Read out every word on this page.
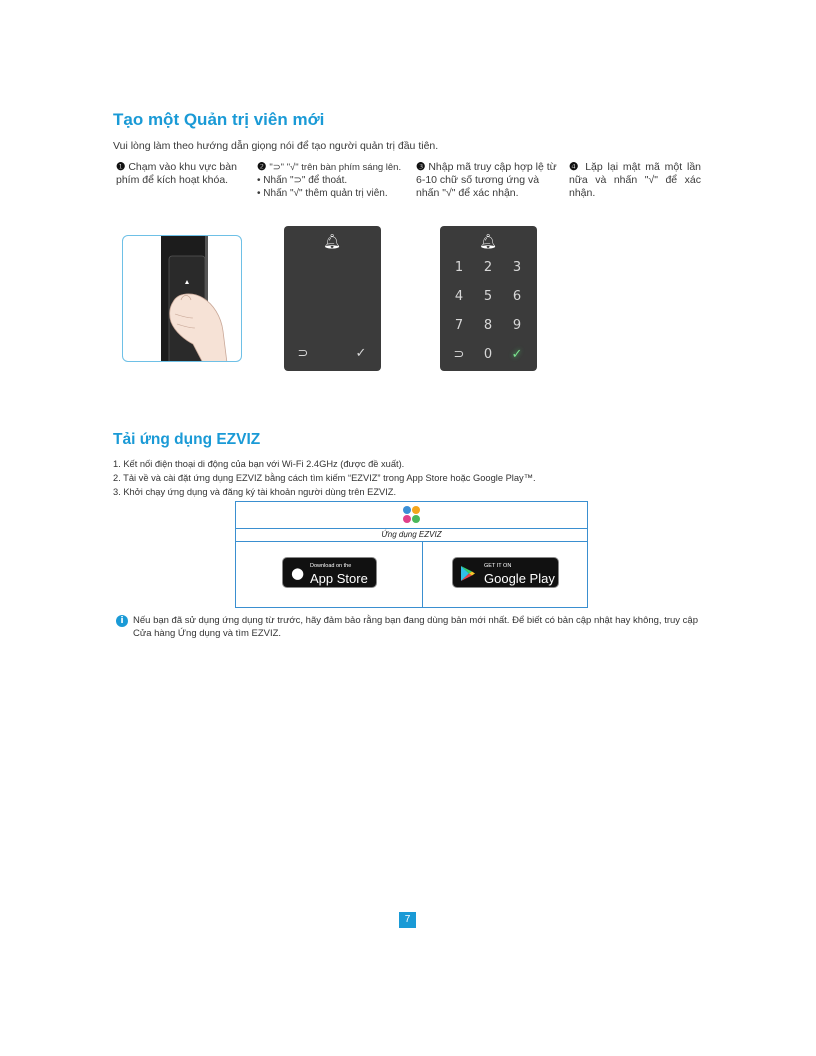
Tạo một Quản trị viên mới
Vui lòng làm theo hướng dẫn giọng nói để tạo người quản trị đầu tiên.
❶ Chạm vào khu vực bàn phím để kích hoạt khóa.
❷ "⊃" "√" trên bàn phím sáng lên.
• Nhấn "⊃" để thoát.
• Nhấn "√" thêm quản trị viên.
❸ Nhập mã truy cập hợp lệ từ 6-10 chữ số tương ứng và nhấn "√" để xác nhận.
❹ Lặp lại mật mã một lần nữa và nhấn "√" để xác nhận.
🔔︎
⊃	✓
🔔︎
1	2	3
4	5	6
7	8	9
⊃	0	✓
Tải ứng dụng EZVIZ
1. Kết nối điện thoại di động của bạn với Wi-Fi 2.4GHz (được đề xuất).
2. Tải về và cài đặt ứng dụng EZVIZ bằng cách tìm kiếm “EZVIZ” trong App Store hoặc Google Play™.
3. Khởi chạy ứng dụng và đăng ký tài khoản người dùng trên EZVIZ.
Ứng dụng EZVIZ
● Download on the
App Store
GET IT ON
Google Play
i Nếu bạn đã sử dụng ứng dụng từ trước, hãy đảm bảo rằng bạn đang dùng bản mới nhất. Để biết có bản cập nhật hay không, truy cập Cửa hàng Ứng dụng và tìm EZVIZ.
7
